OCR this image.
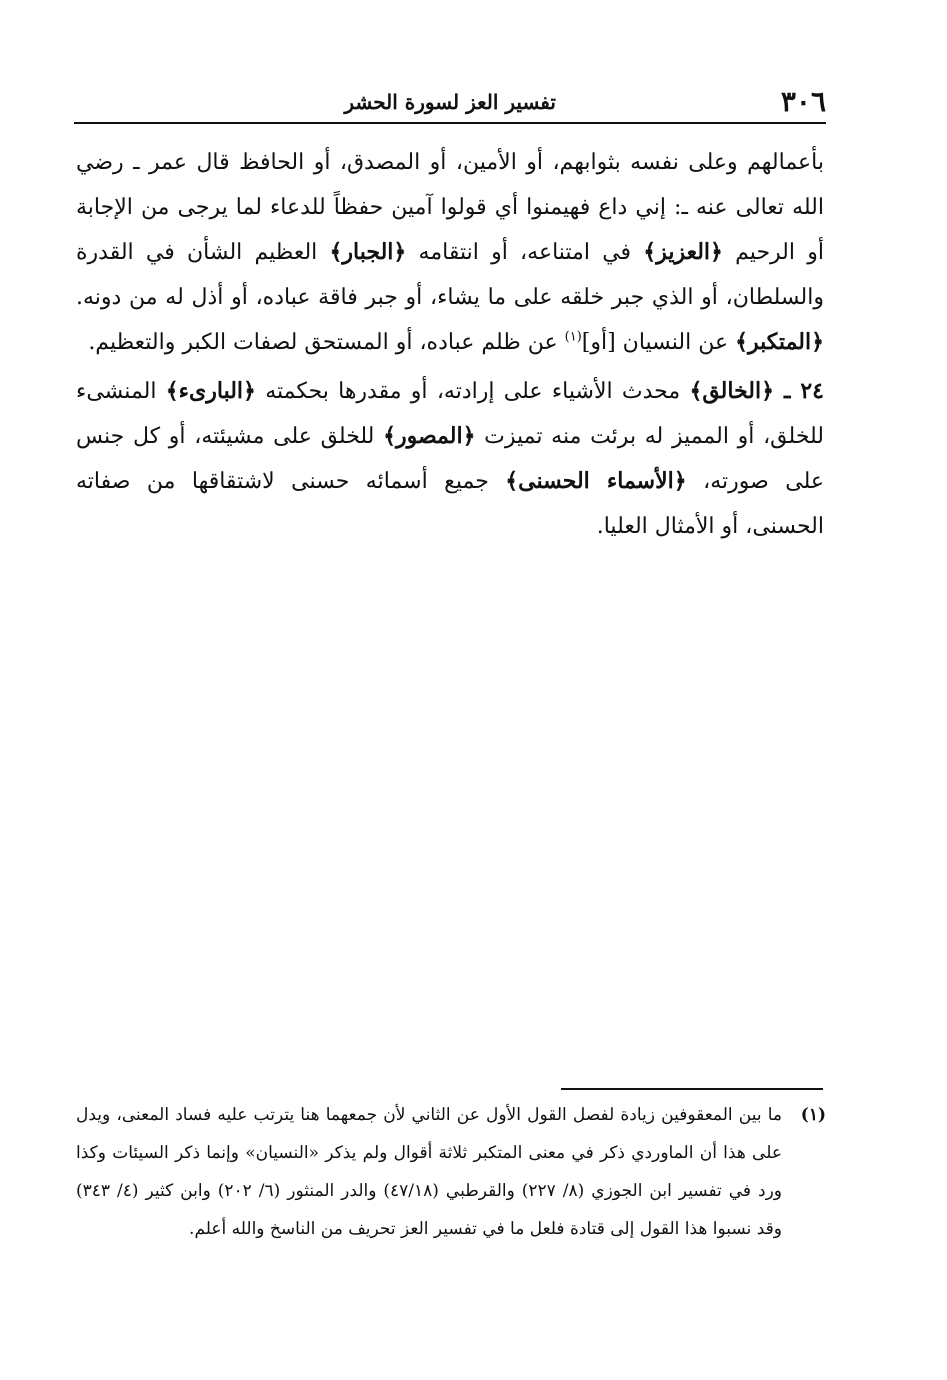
٣٠٦
تفسير العز لسورة الحشر

بأعمالهم وعلى نفسه بثوابهم، أو الأمين، أو المصدق، أو الحافظ قال عمر ـ رضي الله تعالى عنه ـ: إني داع فهيمنوا أي قولوا آمين حفظاً للدعاء لما يرجى من الإجابة أو الرحيم ﴿العزيز﴾ في امتناعه، أو انتقامه ﴿الجبار﴾ العظيم الشأن في القدرة والسلطان، أو الذي جبر خلقه على ما يشاء، أو جبر فاقة عباده، أو أذل له من دونه. ﴿المتكبر﴾ عن النسيان [أو]$^{(١)}$ عن ظلم عباده، أو المستحق لصفات الكبر والتعظيم.

٢٤ ـ ﴿الخالق﴾ محدث الأشياء على إرادته، أو مقدرها بحكمته ﴿البارىء﴾ المنشىء للخلق، أو المميز له برئت منه تميزت ﴿المصور﴾ للخلق على مشيئته، أو كل جنس على صورته، ﴿الأسماء الحسنى﴾ جميع أسمائه حسنى لاشتقاقها من صفاته الحسنى، أو الأمثال العليا.

(١)
ما بين المعقوفين زيادة لفصل القول الأول عن الثاني لأن جمعهما هنا يترتب عليه فساد المعنى، ويدل على هذا أن الماوردي ذكر في معنى المتكبر ثلاثة أقوال ولم يذكر «النسيان» وإنما ذكر السيئات وكذا ورد في تفسير ابن الجوزي (٨/ ٢٢٧) والقرطبي (٤٧/١٨) والدر المنثور (٦/ ٢٠٢) وابن كثير (٤/ ٣٤٣) وقد نسبوا هذا القول إلى قتادة فلعل ما في تفسير العز تحريف من الناسخ والله أعلم.
